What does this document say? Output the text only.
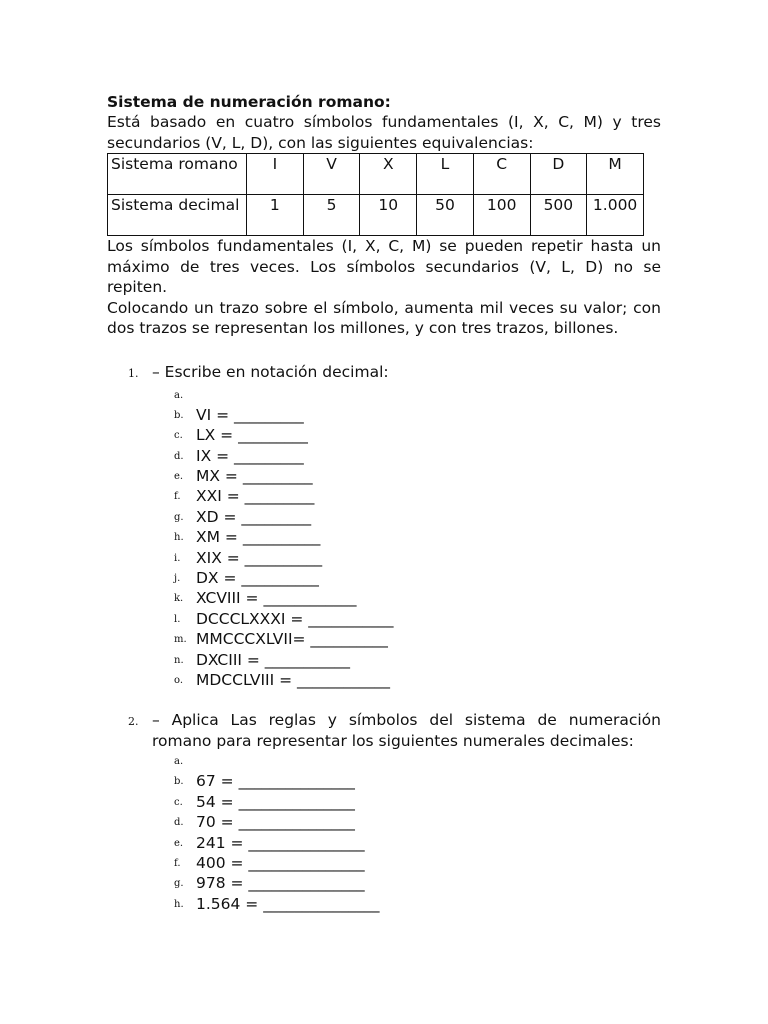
Sistema de numeración romano:

Está basado en cuatro símbolos fundamentales (I, X, C, M) y tres secundarios (V, L, D), con las siguientes equivalencias:

Sistema romano	I	V	X	L	C	D	M
Sistema decimal	1	5	10	50	100	500	1.000

Los símbolos fundamentales (I, X, C, M) se pueden repetir hasta un máximo de tres veces. Los símbolos secundarios (V, L, D) no se repiten.

Colocando un trazo sobre el símbolo, aumenta mil veces su valor; con dos trazos se representan los millones, y con tres trazos, billones.

1. – Escribe en notación decimal:
a.
b. VI = _________
c. LX = _________
d. IX = _________
e. MX = _________
f. XXI = _________
g. XD = _________
h. XM = __________
i.	XIX = __________
j.	DX = __________
k. XCVIII = ____________
l.	DCCCLXXXI = ___________
m. MMCCCXLVII= __________
n. DXCIII = ___________
o. MDCCLVIII = ____________
2. – Aplica Las reglas y símbolos del sistema de numeración romano para representar los siguientes numerales decimales:
a.
b. 67 = _______________
c. 54 = _______________
d. 70 = _______________
e. 241 = _______________
f. 400 = _______________
g. 978 = _______________
h. 1.564 = _______________
